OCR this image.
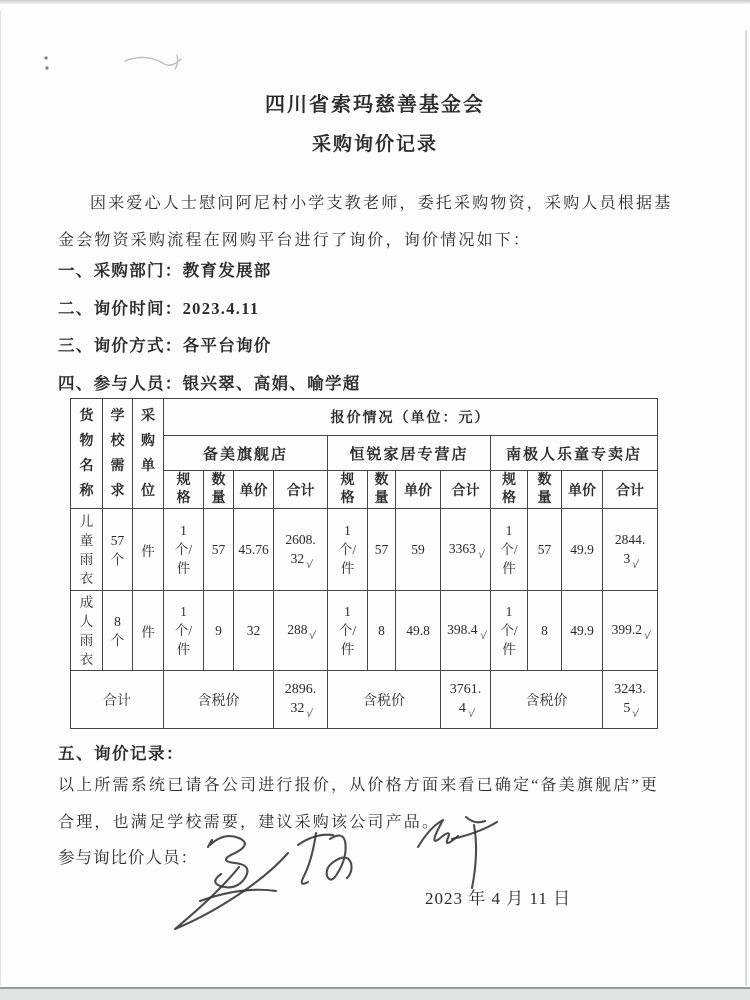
四川省索玛慈善基金会
采购询价记录
因来爱心人士慰问阿尼村小学支教老师，委托采购物资，采购人员根据基
金会物资采购流程在网购平台进行了询价，询价情况如下：
一、采购部门：教育发展部
二、询价时间：2023.4.11
三、询价方式：各平台询价
四、参与人员：银兴翠、高娟、喻学超
货物名称	学校需求	采购单位	报价情况（单位：元）											
			备美旗舰店				恒锐家居专营店				南极人乐童专卖店			

			规格	数量	单价	合计	规格	数量	单价	合计	规格	数量	单价	合计

儿童雨衣	57个	件	1个/件	57	45.76	2608.32√	1个/件	57	59	3363√	1个/件	57	49.9	2844.3√

成人雨衣	8个	件	1个/件	9	32	288√	1个/件	8	49.8	398.4√	1个/件	8	49.9	399.2√

合计			含税价			2896.32√	含税价			3761.4√	含税价			3243.5√
五、询价记录：
以上所需系统已请各公司进行报价，从价格方面来看已确定“备美旗舰店”更
合理，也满足学校需要，建议采购该公司产品。
参与询比价人员：
2023 年 4 月 11 日
